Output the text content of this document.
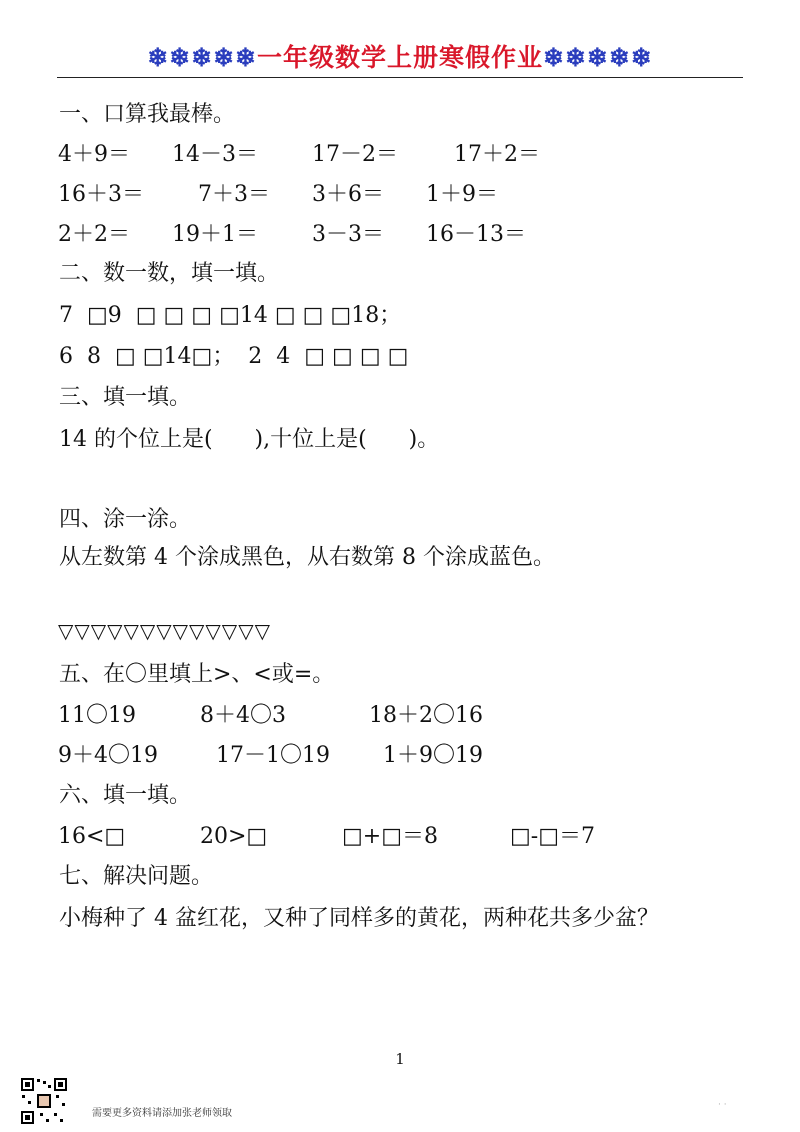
❄❄❄❄❄一年级数学上册寒假作业❄❄❄❄❄
一、口算我最棒。
4＋9＝ 14－3＝ 17－2＝	17＋2＝
16＋3＝ 7＋3＝ 3＋6＝ 1＋9＝
2＋2＝ 19＋1＝ 3－3＝ 16－13＝
二、数一数，填一填。
7  □9  □ □ □ □14 □ □ □18；
6  8  □ □14□；  2  4  □ □ □ □
三、填一填。
14 的个位上是(      ),十位上是(      )。
四、涂一涂。
从左数第 4 个涂成黑色，从右数第 8 个涂成蓝色。
▽▽▽▽▽▽▽▽▽▽▽▽▽
五、在〇里填上>、<或=。
11〇19	8＋4〇3	18＋2〇16
9＋4〇19	17－1〇19 1＋9〇19
六、填一填。
16<□	20>□	□+□＝8	□-□＝7
七、解决问题。
小梅种了 4 盆红花，又种了同样多的黄花，两种花共多少盆？
1
需要更多资料请添加张老师领取
· ·
